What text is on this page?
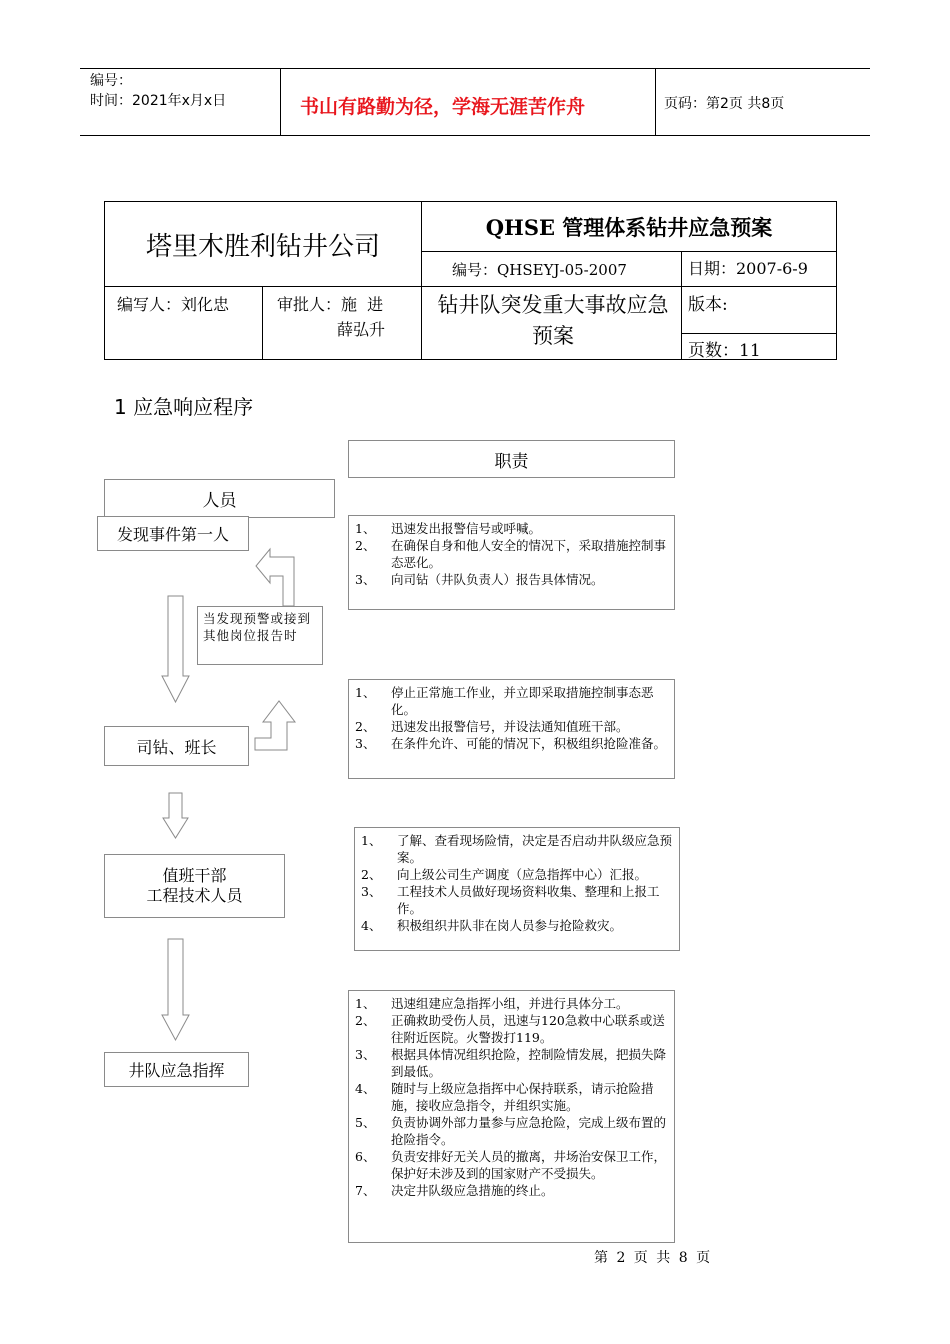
编号：
时间：2021年x月x日	书山有路勤为径，学海无涯苦作舟	页码：第2页 共8页
塔里木胜利钻井公司
QHSE 管理体系钻井应急预案
编号：QHSEYJ-05-2007	日期：2007-6-9
编写人：刘化忠	审批人：施  进
薛弘升
钻井队突发重大事故应急预案
版本:
页数：11
1 应急响应程序
职责
人员
发现事件第一人
司钻、班长
值班干部
工程技术人员
井队应急指挥
当发现预警或接到其他岗位报告时
1、	迅速发出报警信号或呼喊。
2、	在确保自身和他人安全的情况下，采取措施控制事态恶化。
3、	向司钻（井队负责人）报告具体情况。
1、	停止正常施工作业，并立即采取措施控制事态恶化。
2、	迅速发出报警信号，并设法通知值班干部。
3、	在条件允许、可能的情况下，积极组织抢险准备。
1、	了解、查看现场险情，决定是否启动井队级应急预案。
2、	向上级公司生产调度（应急指挥中心）汇报。
3、	工程技术人员做好现场资料收集、整理和上报工作。
4、	积极组织井队非在岗人员参与抢险救灾。
1、	迅速组建应急指挥小组，并进行具体分工。
2、	正确救助受伤人员，迅速与120急救中心联系或送往附近医院。火警拨打119。
3、	根据具体情况组织抢险，控制险情发展，把损失降到最低。
4、	随时与上级应急指挥中心保持联系，请示抢险措施，接收应急指令，并组织实施。
5、	负责协调外部力量参与应急抢险，完成上级布置的抢险指令。
6、	负责安排好无关人员的撤离，井场治安保卫工作，保护好未涉及到的国家财产不受损失。
7、	决定井队级应急措施的终止。
第 2 页 共 8 页
